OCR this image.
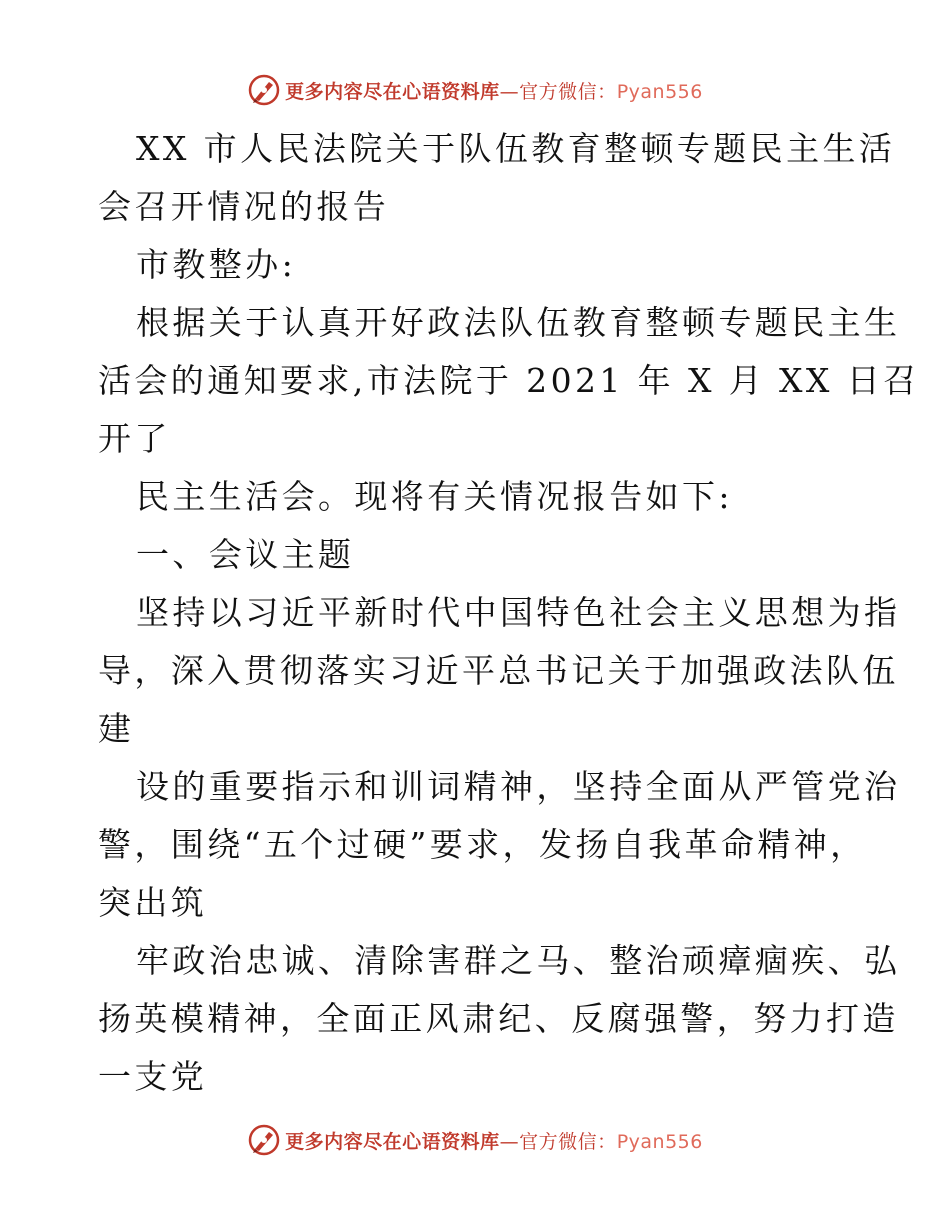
更多内容尽在心语资料库—官方微信：Pyan556
XX 市人民法院关于队伍教育整顿专题民主生活
会召开情况的报告
市教整办:
根据关于认真开好政法队伍教育整顿专题民主生
活会的通知要求,市法院于 2021 年 X 月 XX 日召
开了
民主生活会。现将有关情况报告如下:
一、会议主题
坚持以习近平新时代中国特色社会主义思想为指
导，深入贯彻落实习近平总书记关于加强政法队伍
建
设的重要指示和训词精神，坚持全面从严管党治
警，围绕“五个过硬”要求，发扬自我革命精神，
突出筑
牢政治忠诚、清除害群之马、整治顽瘴痼疾、弘
扬英模精神，全面正风肃纪、反腐强警，努力打造
一支党
更多内容尽在心语资料库—官方微信：Pyan556
